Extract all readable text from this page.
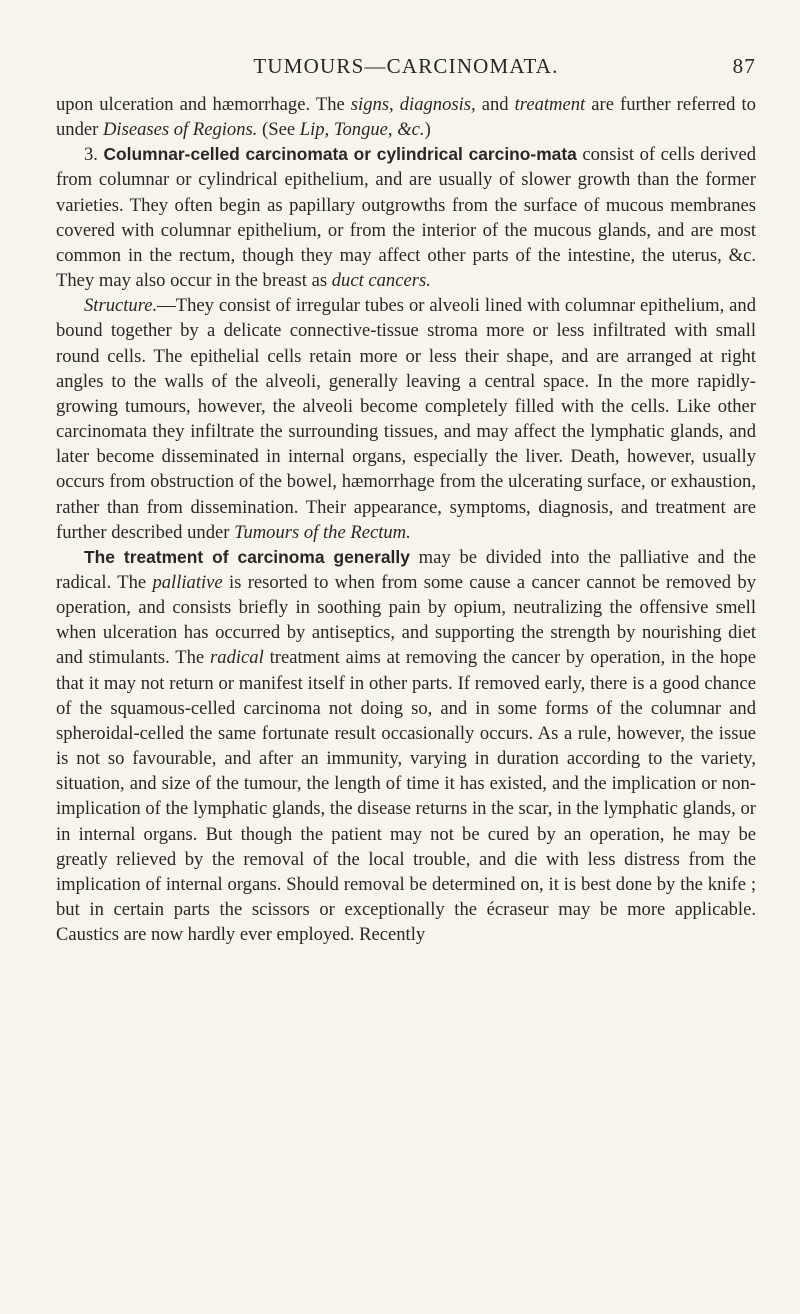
TUMOURS—CARCINOMATA.	87

upon ulceration and hæmorrhage. The signs, diagnosis, and treatment are further referred to under Diseases of Regions. (See Lip, Tongue, &c.)

3. Columnar-celled carcinomata or cylindrical carcino-mata consist of cells derived from columnar or cylindrical epithelium, and are usually of slower growth than the former varieties. They often begin as papillary outgrowths from the surface of mucous membranes covered with columnar epithelium, or from the interior of the mucous glands, and are most common in the rectum, though they may affect other parts of the intestine, the uterus, &c. They may also occur in the breast as duct cancers.

Structure.—They consist of irregular tubes or alveoli lined with columnar epithelium, and bound together by a delicate connective-tissue stroma more or less infiltrated with small round cells. The epithelial cells retain more or less their shape, and are arranged at right angles to the walls of the alveoli, generally leaving a central space. In the more rapidly-growing tumours, however, the alveoli become completely filled with the cells. Like other carcinomata they infiltrate the surrounding tissues, and may affect the lymphatic glands, and later become disseminated in internal organs, especially the liver. Death, however, usually occurs from obstruction of the bowel, hæmorrhage from the ulcerating surface, or exhaustion, rather than from dissemination. Their appearance, symptoms, diagnosis, and treatment are further described under Tumours of the Rectum.

The treatment of carcinoma generally may be divided into the palliative and the radical. The palliative is resorted to when from some cause a cancer cannot be removed by operation, and consists briefly in soothing pain by opium, neutralizing the offensive smell when ulceration has occurred by antiseptics, and supporting the strength by nourishing diet and stimulants. The radical treatment aims at removing the cancer by operation, in the hope that it may not return or manifest itself in other parts. If removed early, there is a good chance of the squamous-celled carcinoma not doing so, and in some forms of the columnar and spheroidal-celled the same fortunate result occasionally occurs. As a rule, however, the issue is not so favourable, and after an immunity, varying in duration according to the variety, situation, and size of the tumour, the length of time it has existed, and the implication or non-implication of the lymphatic glands, the disease returns in the scar, in the lymphatic glands, or in internal organs. But though the patient may not be cured by an operation, he may be greatly relieved by the removal of the local trouble, and die with less distress from the implication of internal organs. Should removal be determined on, it is best done by the knife ; but in certain parts the scissors or exceptionally the écraseur may be more applicable. Caustics are now hardly ever employed. Recently
